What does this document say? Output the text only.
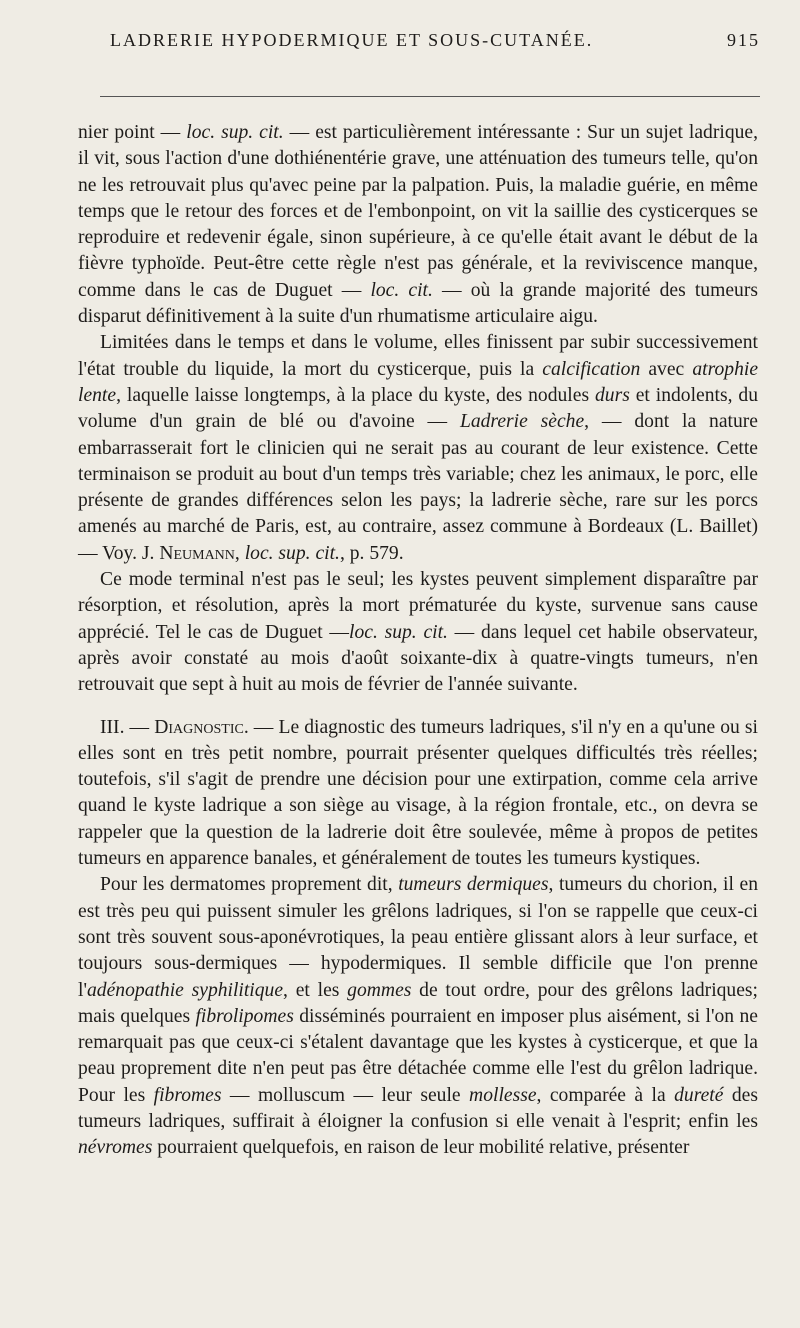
LADRERIE HYPODERMIQUE ET SOUS-CUTANÉE.	915

nier point — loc. sup. cit. — est particulièrement intéressante : Sur un sujet ladrique, il vit, sous l'action d'une dothiénentérie grave, une atténuation des tumeurs telle, qu'on ne les retrouvait plus qu'avec peine par la palpation. Puis, la maladie guérie, en même temps que le retour des forces et de l'embonpoint, on vit la saillie des cysticerques se reproduire et redevenir égale, sinon supérieure, à ce qu'elle était avant le début de la fièvre typhoïde. Peut-être cette règle n'est pas générale, et la reviviscence manque, comme dans le cas de Duguet — loc. cit. — où la grande majorité des tumeurs disparut définitivement à la suite d'un rhumatisme articulaire aigu.

Limitées dans le temps et dans le volume, elles finissent par subir successivement l'état trouble du liquide, la mort du cysticerque, puis la calcification avec atrophie lente, laquelle laisse longtemps, à la place du kyste, des nodules durs et indolents, du volume d'un grain de blé ou d'avoine — Ladrerie sèche, — dont la nature embarrasserait fort le clinicien qui ne serait pas au courant de leur existence. Cette terminaison se produit au bout d'un temps très variable; chez les animaux, le porc, elle présente de grandes différences selon les pays; la ladrerie sèche, rare sur les porcs amenés au marché de Paris, est, au contraire, assez commune à Bordeaux (L. Baillet) — Voy. J. Neumann, loc. sup. cit., p. 579.

Ce mode terminal n'est pas le seul; les kystes peuvent simplement disparaître par résorption, et résolution, après la mort prématurée du kyste, survenue sans cause apprécié. Tel le cas de Duguet —loc. sup. cit. — dans lequel cet habile observateur, après avoir constaté au mois d'août soixante-dix à quatre-vingts tumeurs, n'en retrouvait que sept à huit au mois de février de l'année suivante.

III. — Diagnostic. — Le diagnostic des tumeurs ladriques, s'il n'y en a qu'une ou si elles sont en très petit nombre, pourrait présenter quelques difficultés très réelles; toutefois, s'il s'agit de prendre une décision pour une extirpation, comme cela arrive quand le kyste ladrique a son siège au visage, à la région frontale, etc., on devra se rappeler que la question de la ladrerie doit être soulevée, même à propos de petites tumeurs en apparence banales, et généralement de toutes les tumeurs kystiques.

Pour les dermatomes proprement dit, tumeurs dermiques, tumeurs du chorion, il en est très peu qui puissent simuler les grêlons ladriques, si l'on se rappelle que ceux-ci sont très souvent sous-aponévrotiques, la peau entière glissant alors à leur surface, et toujours sous-dermiques — hypodermiques. Il semble difficile que l'on prenne l'adénopathie syphilitique, et les gommes de tout ordre, pour des grêlons ladriques; mais quelques fibrolipomes disséminés pourraient en imposer plus aisément, si l'on ne remarquait pas que ceux-ci s'étalent davantage que les kystes à cysticerque, et que la peau proprement dite n'en peut pas être détachée comme elle l'est du grêlon ladrique. Pour les fibromes — molluscum — leur seule mollesse, comparée à la dureté des tumeurs ladriques, suffirait à éloigner la confusion si elle venait à l'esprit; enfin les névromes pourraient quelquefois, en raison de leur mobilité relative, présenter
